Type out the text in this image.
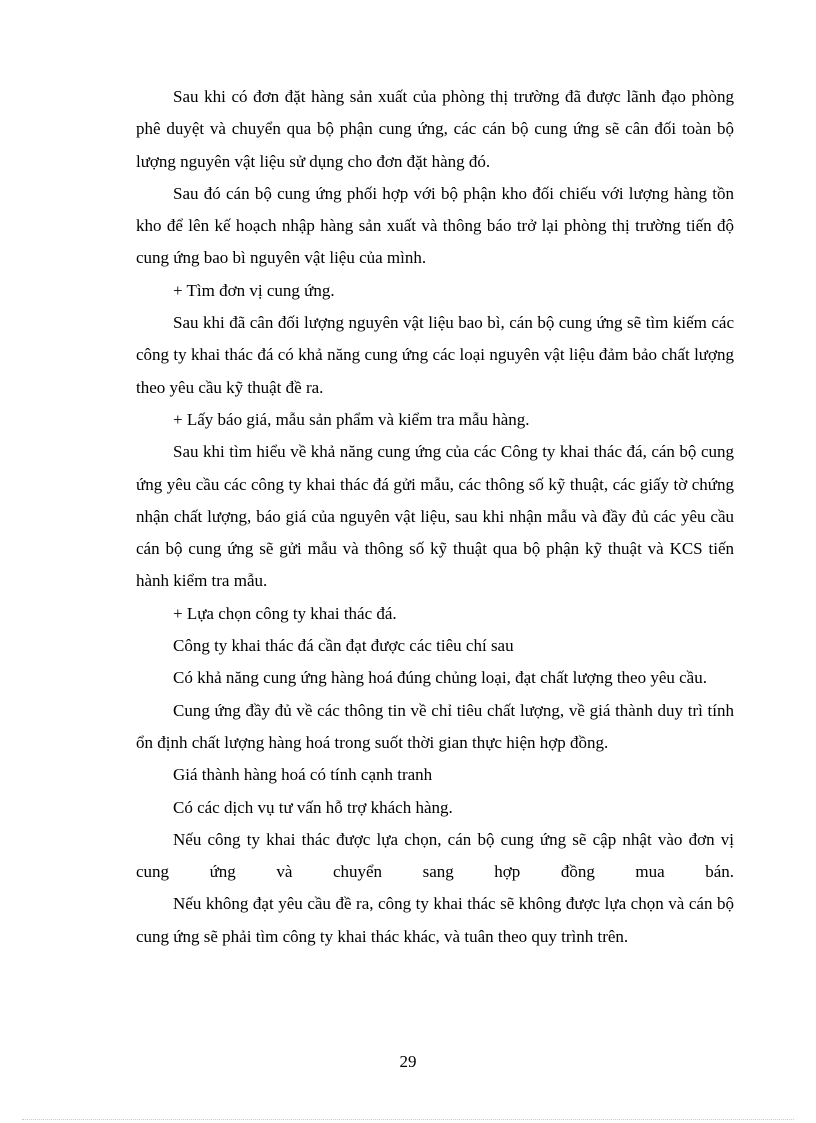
Sau khi có đơn đặt hàng sản xuất của phòng thị trường đã được lãnh đạo phòng phê duyệt và chuyển qua bộ phận cung ứng, các cán bộ cung ứng sẽ cân đối toàn bộ lượng nguyên vật liệu sử dụng cho đơn đặt hàng đó.

Sau đó cán bộ cung ứng phối hợp với bộ phận kho đối chiếu với lượng hàng tồn kho để lên kế hoạch nhập hàng sản xuất và thông báo trở lại phòng thị trường tiến độ cung ứng bao bì nguyên vật liệu của mình.

+ Tìm đơn vị cung ứng.

Sau khi đã cân đối lượng nguyên vật liệu bao bì, cán bộ cung ứng sẽ tìm kiếm các công ty khai thác đá có khả năng cung ứng các loại nguyên vật liệu đảm bảo chất lượng theo yêu cầu kỹ thuật đề ra.

+ Lấy báo giá, mẫu sản phẩm và kiểm tra mẫu hàng.

Sau khi tìm hiểu về khả năng cung ứng của các Công ty khai thác đá, cán bộ cung ứng yêu cầu các công ty khai thác đá gửi mẫu, các thông số kỹ thuật, các giấy tờ chứng nhận chất lượng, báo giá của nguyên vật liệu, sau khi nhận mẫu và đầy đủ các yêu cầu cán bộ cung ứng sẽ gửi mẫu và thông số kỹ thuật qua bộ phận kỹ thuật và KCS tiến hành kiểm tra mẫu.

+ Lựa chọn công ty khai thác đá.

Công ty khai thác đá cần đạt được các tiêu chí sau

Có khả năng cung ứng hàng hoá đúng chủng loại, đạt chất lượng theo yêu cầu.

Cung ứng đầy đủ về các thông tin về chỉ tiêu chất lượng, về giá thành duy trì tính ổn định chất lượng hàng hoá trong suốt thời gian thực hiện hợp đồng.

Giá thành hàng hoá có tính cạnh tranh

Có các dịch vụ tư vấn hỗ trợ khách hàng.

Nếu công ty khai thác được lựa chọn, cán bộ cung ứng sẽ cập nhật vào đơn vị cung ứng và chuyển sang hợp đồng mua bán.

Nếu không đạt yêu cầu đề ra, công ty khai thác sẽ không được lựa chọn và cán bộ cung ứng sẽ phải tìm công ty khai thác khác, và tuân theo quy trình trên.

29
